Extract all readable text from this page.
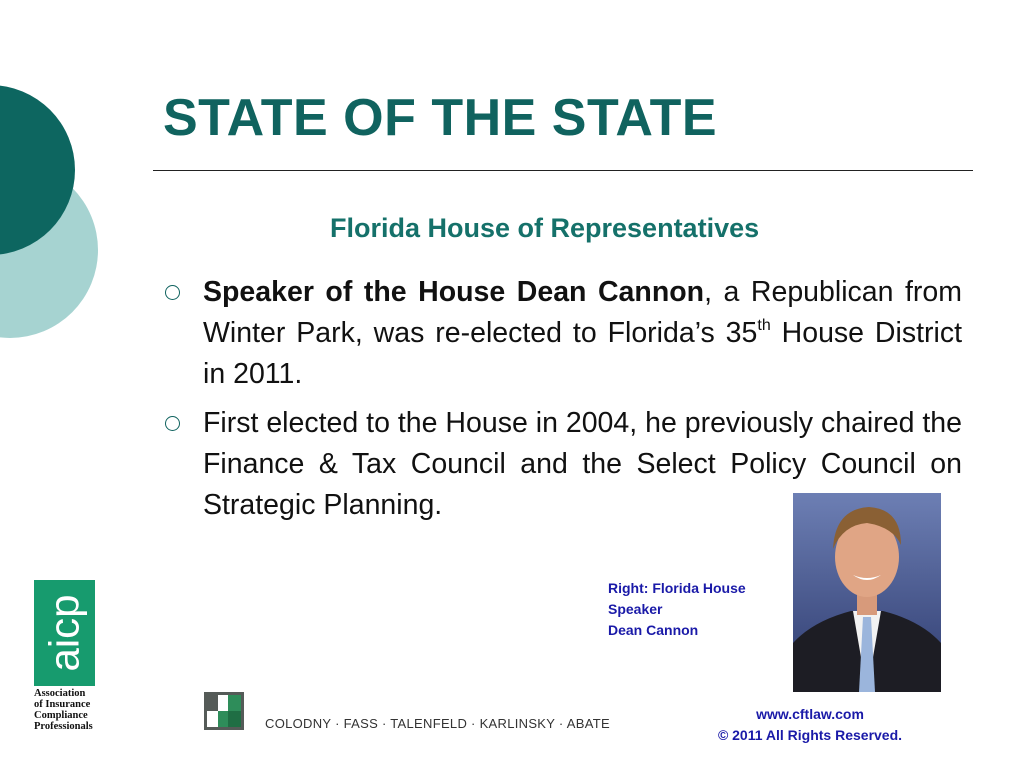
STATE OF THE STATE
Florida House of Representatives
Speaker of the House Dean Cannon, a Republican from Winter Park, was re-elected to Florida’s 35th House District in 2011.
First elected to the House in 2004, he previously chaired the Finance & Tax Council and the Select Policy Council on Strategic Planning.
Right: Florida House
Speaker
Dean Cannon
aicp
Association
of Insurance
Compliance
Professionals	COLODNY · FASS · TALENFELD · KARLINSKY · ABATE
www.cftlaw.com
© 2011 All Rights Reserved.
